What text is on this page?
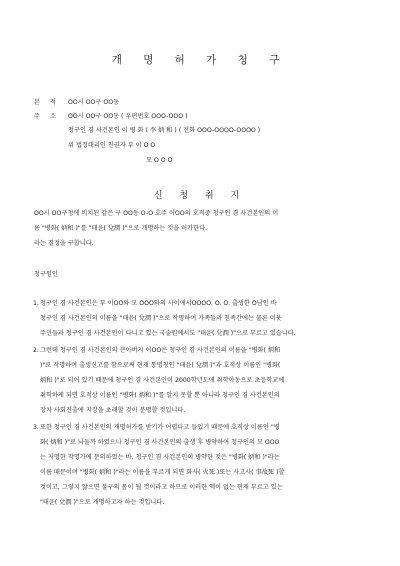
개 명 허 가 청 구
본 적 OO시 OO구 OO동
주 소 OO시 OO구 OO동 ( 우편번호 OOO-OOO )
청구인 겸 사건본인 이 병 화 ( 李 炳 和 ) ( 전화 OOO-OOOO-OOOO )
위 법정대리인 친권자 부 이 O O
모 O O O
신 청 취 지
OO시 OO구청에 비치된 같은 구 OO동 O-O 호주 이OO의 호적중 청구인 겸 사건본인의 이
름 "병화( 炳和 )"를 "태윤( 兌潤 )"으로 개명하는 것을 허가한다.
라는 결정을 구합니다.
청구원인
1. 청구인 겸 사건본인은 부 이OO와 모 OOO와의 사이에서OOOO. O. O. 출생한 O남인 바
청구인 겸 사건본인의 이름을 "태윤( 兌潤 )"으로 작명하여 가족들과 친족간에는 물론 이웃
주민들과 청구인 겸 사건본인이 다니고 있는 국술원에서도 "태윤( 兌潤 )"으로 부르고 있습니다.
2. 그런데 청구인 겸 사건본인의 큰아버지 이OO은 청구인 겸 사건본인의 이름을 "병화( 炳和
)"로 작명하여 출생신고를 함으로써 현재 통명칭인 "태윤( 兌潤 )"과 호적상 이름인 "병화(
炳和 )"로 되어 있기 때문에 청구인 겸 사건본인이 2000학년도에 취학아동으로 초등학교에
취학하게 되면 호적상 이름인 "병화( 炳和 )"를 알지 못할 뿐 아니라 청구인 겸 사건본인의
장차 사회진출에 지장을 초래할 것이 분명할 것입니다.
3. 또한 청구인 겸 사건본인의 개명허가를 받기가 어렵다고 들었기 때문에 호적상 이름인 "병
화( 炳和 )"로 놔둘까 하였으나 청구인 겸 사건본인의 출생 후 병약하여 청구인의 모 OOO
는 저명한 작명가에 문의하였는 바, 청구인 겸 사건본인이 병약한 것은 "병화( 炳和 )"라는
이름 때문이며 "병화( 炳和 )"라는 이름을 부르게 되면 화사( 火死 )또는 사고사( 事故死 )할
것이고, 그렇지 않으면 불구의 몸이 될 것이라고 하므로 이러한 액이 없는 현재 부르고 있는
"태윤( 兌潤 )"으로 개명하고자 하는 것입니다.
